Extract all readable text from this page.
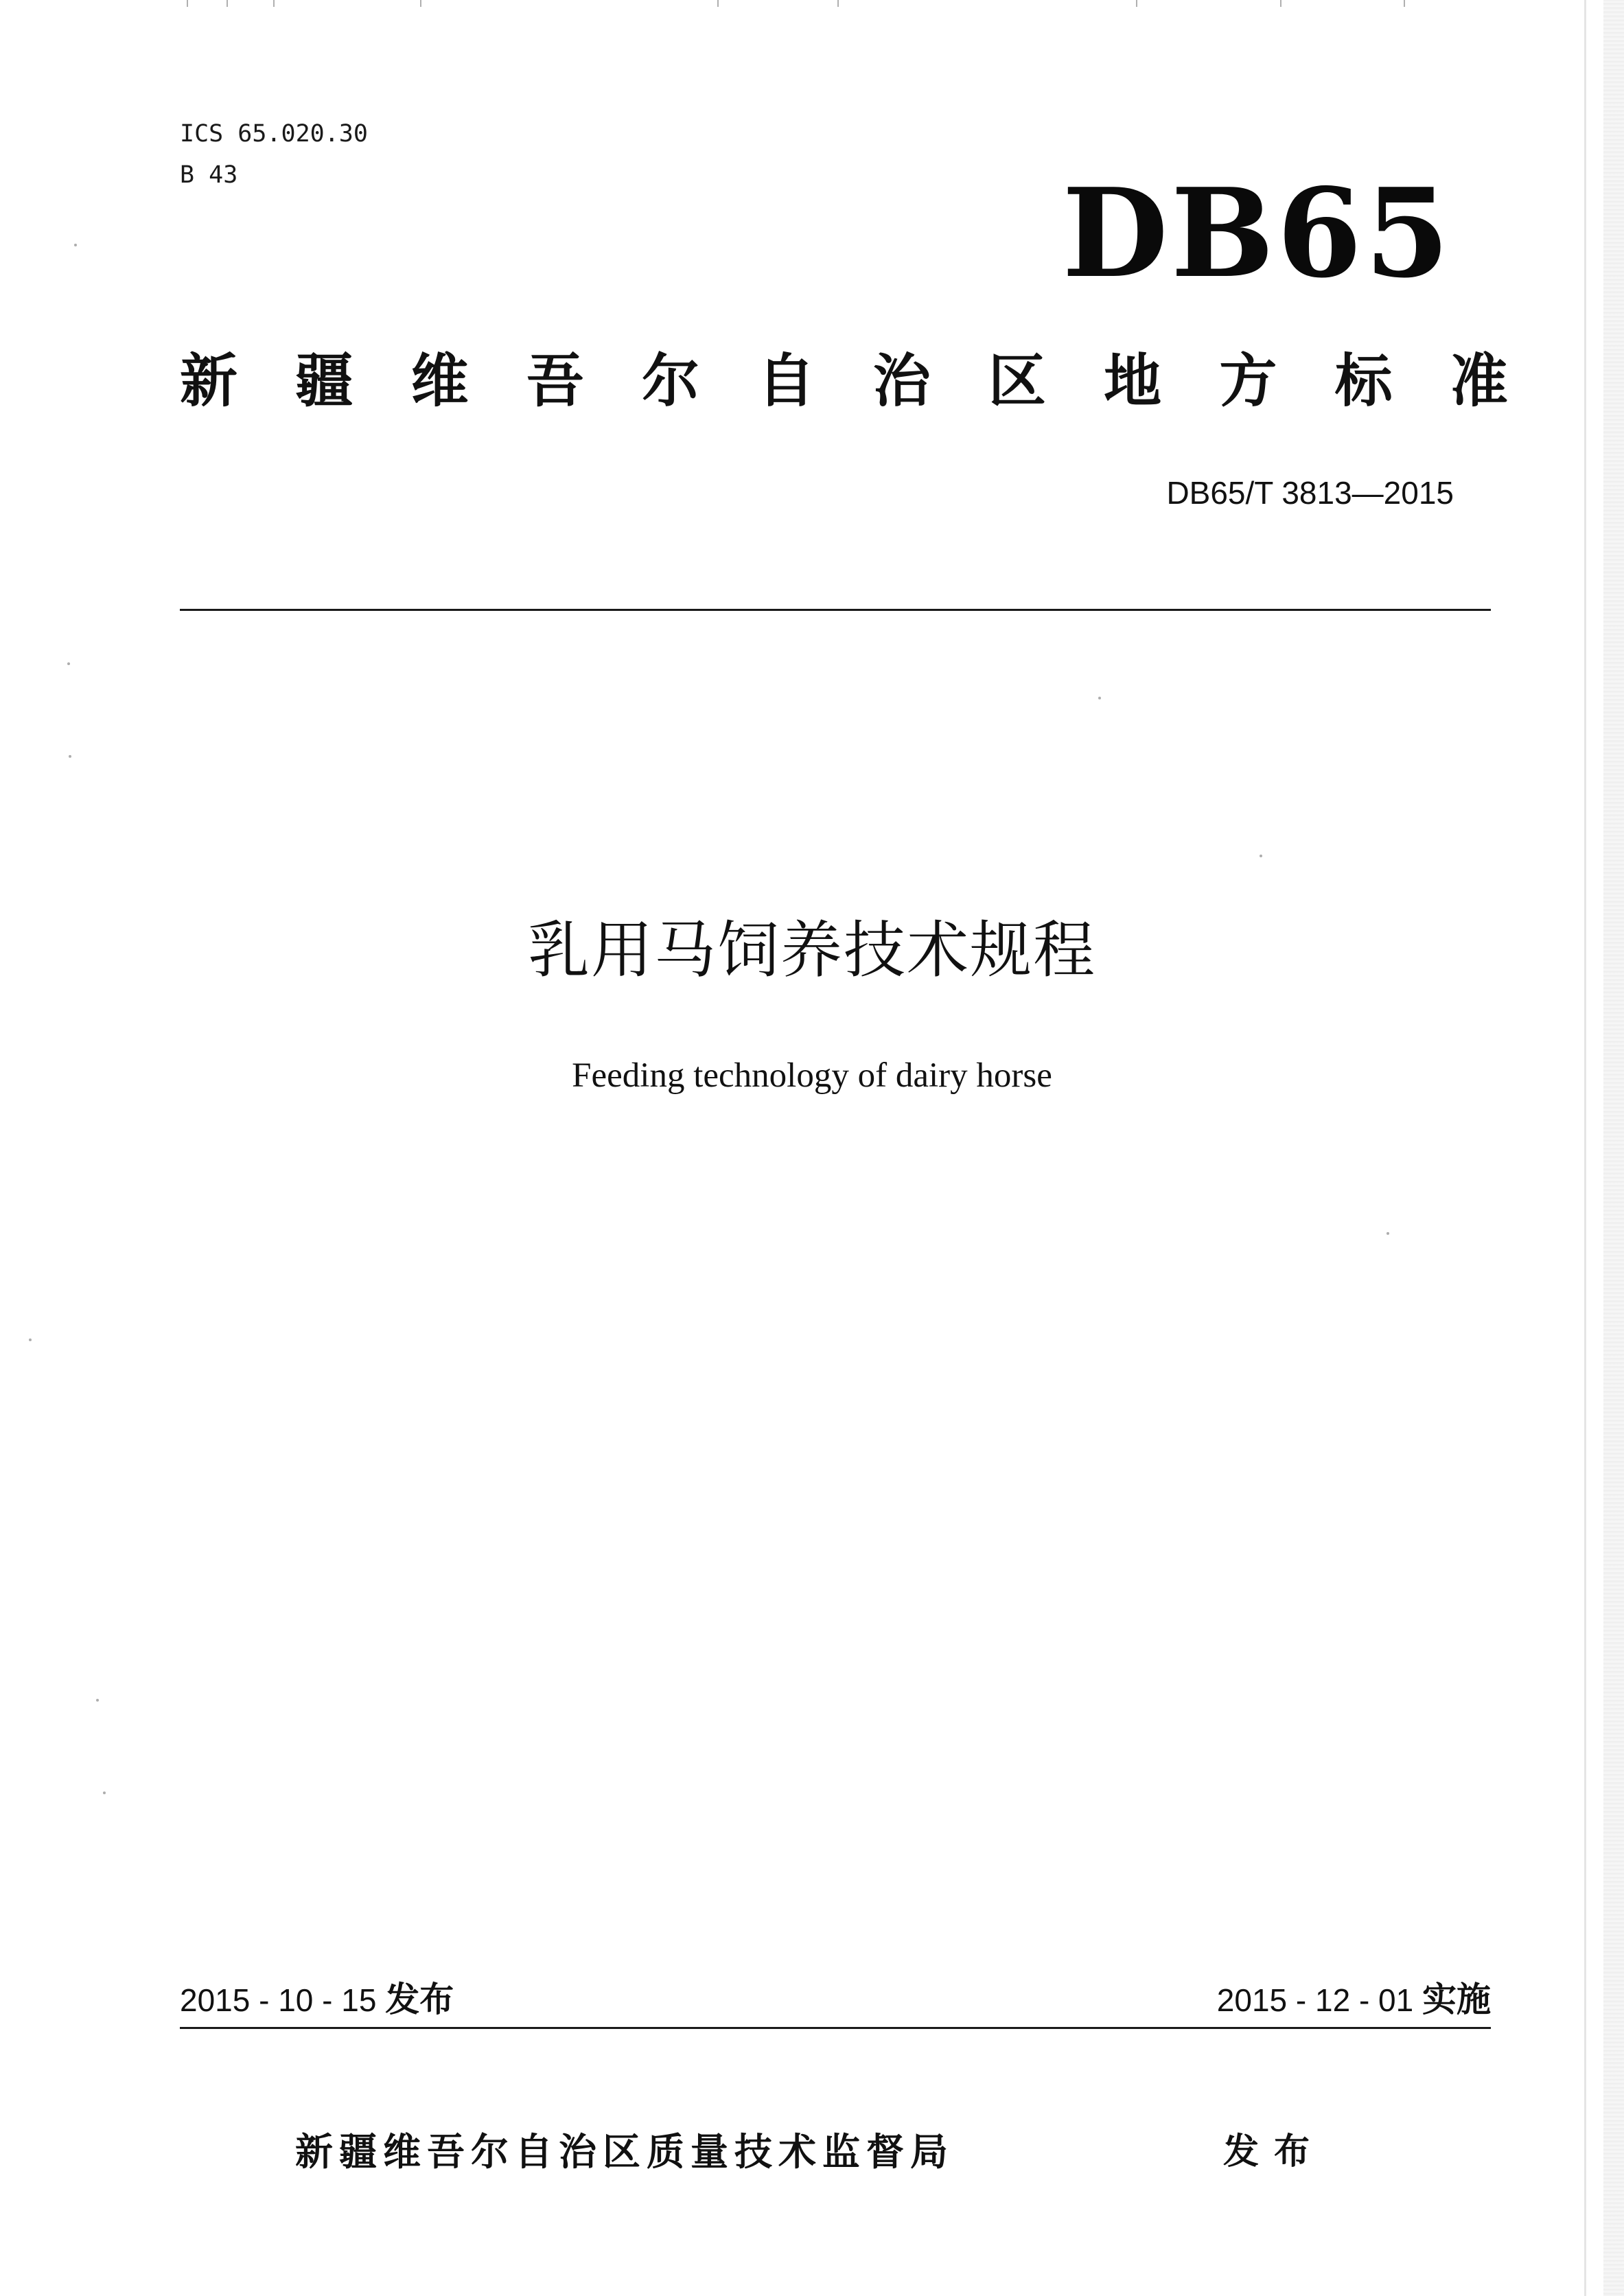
ICS 65.020.30
B 43	DB65
新 疆 维 吾 尔 自 治 区 地 方 标 准
DB65/T 3813—2015
乳用马饲养技术规程
Feeding technology of dairy horse
2015 - 10 - 15 发布	2015 - 12 - 01 实施
新疆维吾尔自治区质量技术监督局	发布
